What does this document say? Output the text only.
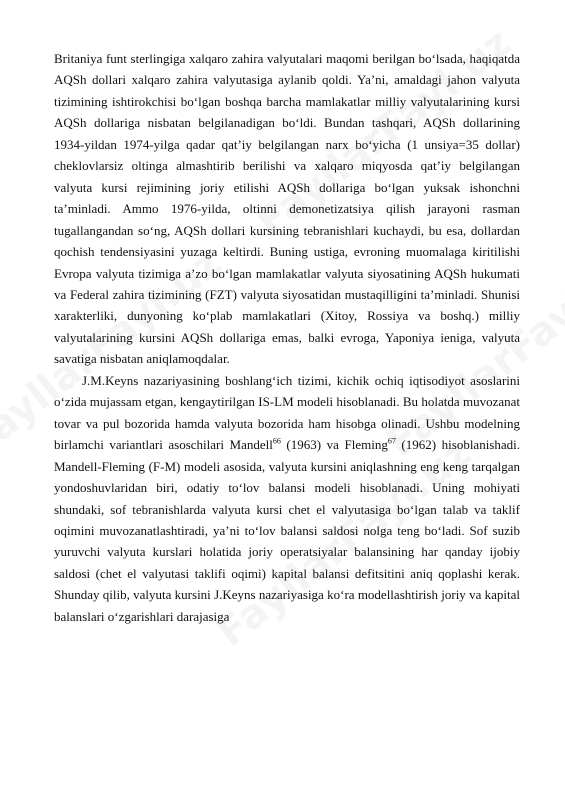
Britaniya funt sterlingiga xalqaro zahira valyutalari maqomi berilgan bo‘lsada, haqiqatda AQSh dollari xalqaro zahira valyutasiga aylanib qoldi. Ya’ni, amaldagi jahon valyuta tizimining ishtirokchisi bo‘lgan boshqa barcha mamlakatlar milliy valyutalarining kursi AQSh dollariga nisbatan belgilanadigan bo‘ldi. Bundan tashqari, AQSh dollarining 1934-yildan 1974-yilga qadar qat’iy belgilangan narx bo‘yicha (1 unsiya=35 dollar) cheklovlarsiz oltinga almashtirib berilishi va xalqaro miqyosda qat’iy belgilangan valyuta kursi rejimining joriy etilishi AQSh dollariga bo‘lgan yuksak ishonchni ta’minladi. Ammo 1976-yilda, oltinni demonetizatsiya qilish jarayoni rasman tugallangandan so‘ng, AQSh dollari kursining tebranishlari kuchaydi, bu esa, dollardan qochish tendensiyasini yuzaga keltirdi. Buning ustiga, evroning muomalaga kiritilishi Evropa valyuta tizimiga a’zo bo‘lgan mamlakatlar valyuta siyosatining AQSh hukumati va Federal zahira tizimining (FZT) valyuta siyosatidan mustaqilligini ta’minladi. Shunisi xarakterliki, dunyoning ko‘plab mamlakatlari (Xitoy, Rossiya va boshq.) milliy valyutalarining kursini AQSh dollariga emas, balki evroga, Yaponiya ieniga, valyuta savatiga nisbatan aniqlamoqdalar.

J.M.Keyns nazariyasining boshlang‘ich tizimi, kichik ochiq iqtisodiyot asoslarini o‘zida mujassam etgan, kengaytirilgan IS-LM modeli hisoblanadi. Bu holatda muvozanat tovar va pul bozorida hamda valyuta bozorida ham hisobga olinadi. Ushbu modelning birlamchi variantlari asoschilari Mandell$^{66}$ (1963) va Fleming$^{67}$ (1962) hisoblanishadi. Mandell-Fleming (F-M) modeli asosida, valyuta kursini aniqlashning eng keng tarqalgan yondoshuvlaridan biri, odatiy to‘lov balansi modeli hisoblanadi. Uning mohiyati shundaki, sof tebranishlarda valyuta kursi chet el valyutasiga bo‘lgan talab va taklif oqimini muvozanatlashtiradi, ya’ni to‘lov balansi saldosi nolga teng bo‘ladi. Sof suzib yuruvchi valyuta kurslari holatida joriy operatsiyalar balansining har qanday ijobiy saldosi (chet el valyutasi taklifi oqimi) kapital balansi defitsitini aniq qoplashi kerak. Shunday qilib, valyuta kursini J.Keyns nazariyasiga ko‘ra modellashtirish joriy va kapital balanslari o‘zgarishlari darajasiga
